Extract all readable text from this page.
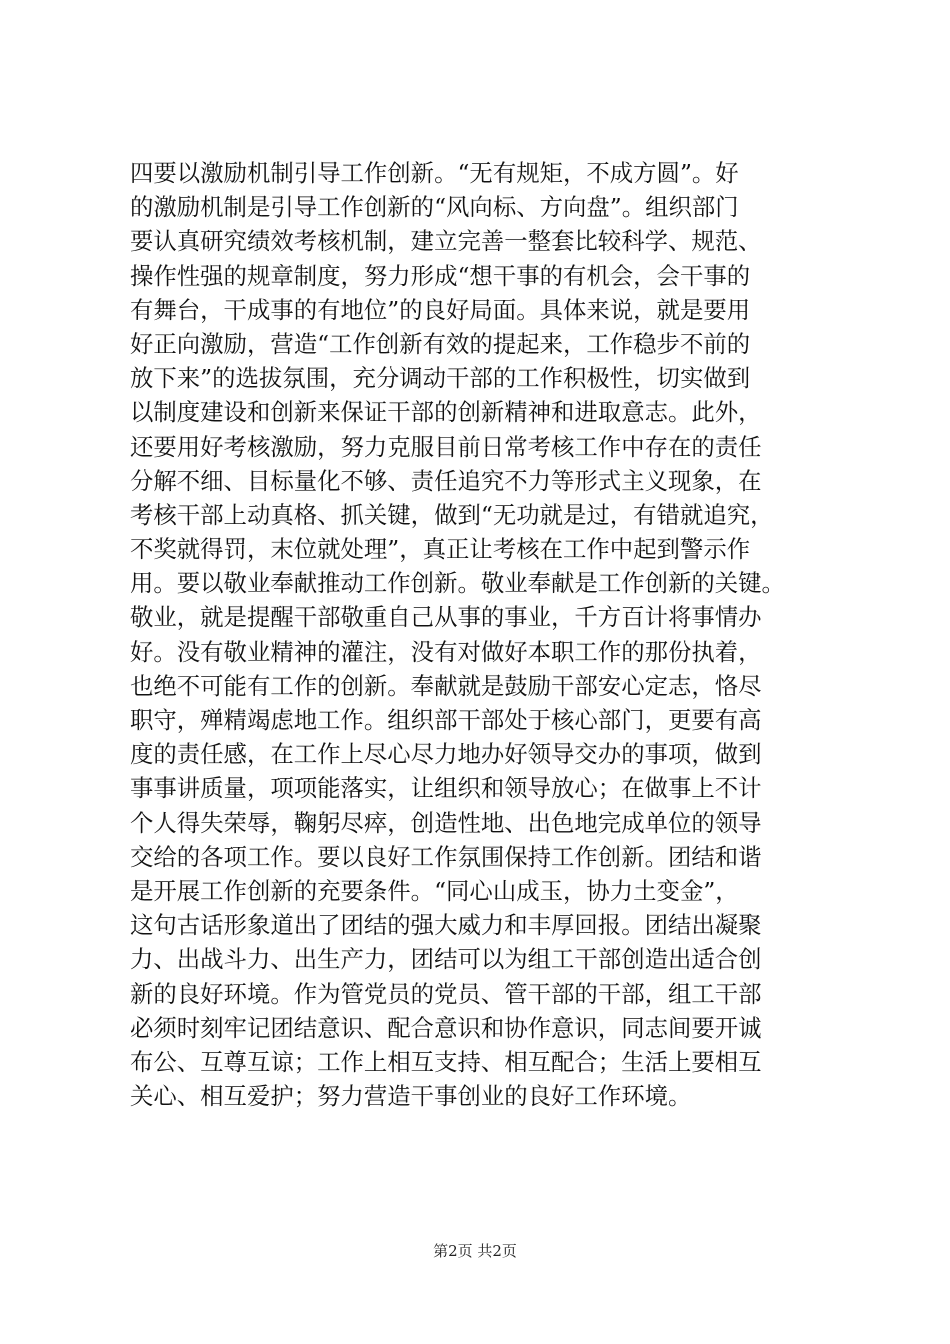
四要以激励机制引导工作创新。“无有规矩，不成方圆”。好
的激励机制是引导工作创新的“风向标、方向盘”。组织部门
要认真研究绩效考核机制，建立完善一整套比较科学、规范、
操作性强的规章制度，努力形成“想干事的有机会，会干事的
有舞台，干成事的有地位”的良好局面。具体来说，就是要用
好正向激励，营造“工作创新有效的提起来，工作稳步不前的
放下来”的选拔氛围，充分调动干部的工作积极性，切实做到
以制度建设和创新来保证干部的创新精神和进取意志。此外，
还要用好考核激励，努力克服目前日常考核工作中存在的责任
分解不细、目标量化不够、责任追究不力等形式主义现象，在
考核干部上动真格、抓关键，做到“无功就是过，有错就追究，
不奖就得罚，末位就处理”，真正让考核在工作中起到警示作
用。要以敬业奉献推动工作创新。敬业奉献是工作创新的关键。
敬业，就是提醒干部敬重自己从事的事业，千方百计将事情办
好。没有敬业精神的灌注，没有对做好本职工作的那份执着，
也绝不可能有工作的创新。奉献就是鼓励干部安心定志，恪尽
职守，殚精竭虑地工作。组织部干部处于核心部门，更要有高
度的责任感，在工作上尽心尽力地办好领导交办的事项，做到
事事讲质量，项项能落实，让组织和领导放心；在做事上不计
个人得失荣辱，鞠躬尽瘁，创造性地、出色地完成单位的领导
交给的各项工作。要以良好工作氛围保持工作创新。团结和谐
是开展工作创新的充要条件。“同心山成玉，协力土变金”，
这句古话形象道出了团结的强大威力和丰厚回报。团结出凝聚
力、出战斗力、出生产力，团结可以为组工干部创造出适合创
新的良好环境。作为管党员的党员、管干部的干部，组工干部
必须时刻牢记团结意识、配合意识和协作意识，同志间要开诚
布公、互尊互谅；工作上相互支持、相互配合；生活上要相互
关心、相互爱护；努力营造干事创业的良好工作环境。
第2页 共2页
